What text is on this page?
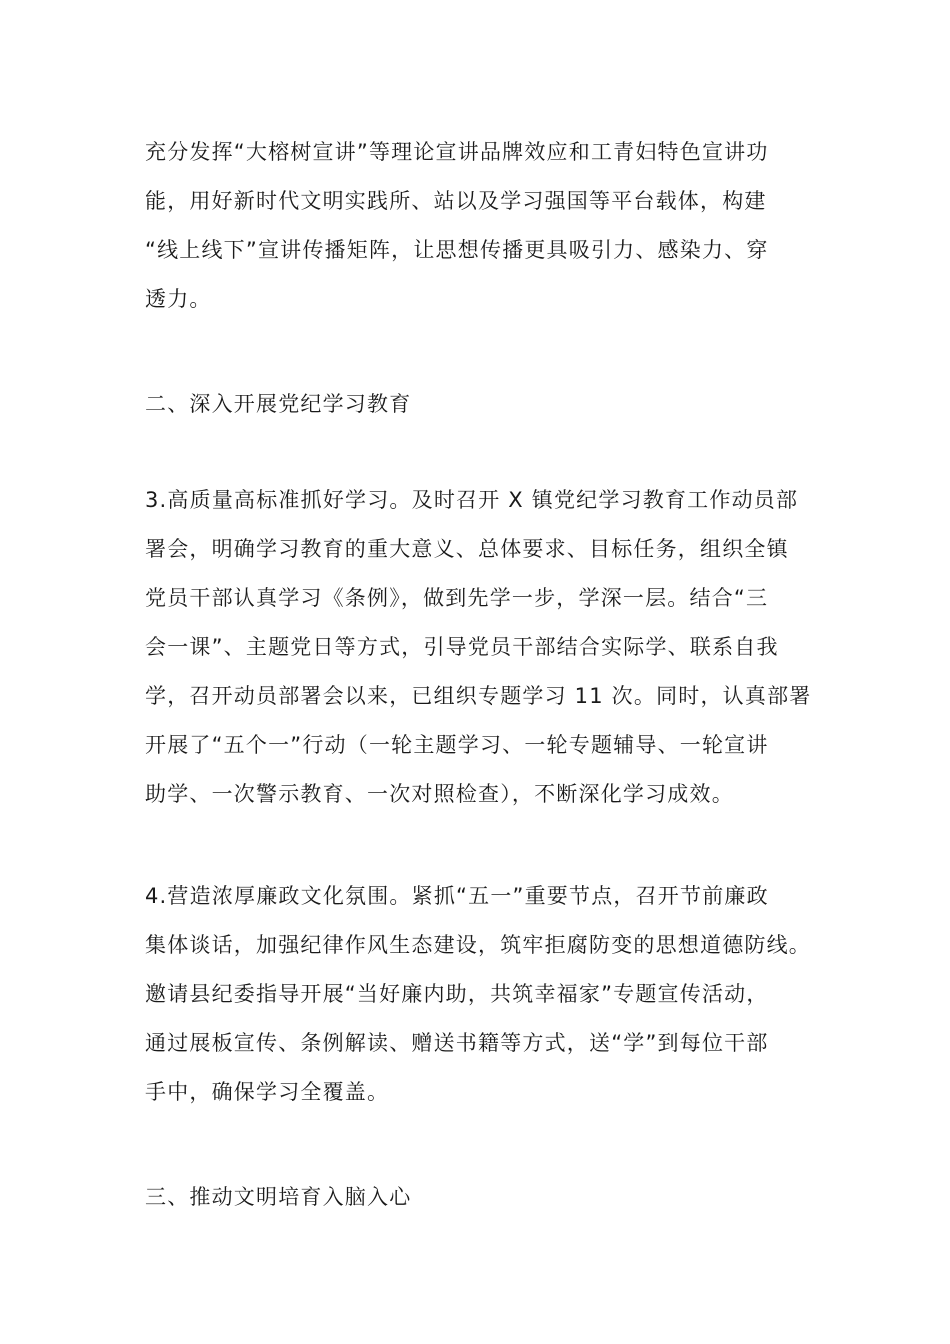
充分发挥“大榕树宣讲”等理论宣讲品牌效应和工青妇特色宣讲功
能，用好新时代文明实践所、站以及学习强国等平台载体，构建
“线上线下”宣讲传播矩阵，让思想传播更具吸引力、感染力、穿
透力。
二、深入开展党纪学习教育
3.高质量高标准抓好学习。及时召开 X 镇党纪学习教育工作动员部
署会，明确学习教育的重大意义、总体要求、目标任务，组织全镇
党员干部认真学习《条例》，做到先学一步，学深一层。结合“三
会一课”、主题党日等方式，引导党员干部结合实际学、联系自我
学，召开动员部署会以来，已组织专题学习 11 次。同时，认真部署
开展了“五个一”行动（一轮主题学习、一轮专题辅导、一轮宣讲
助学、一次警示教育、一次对照检查），不断深化学习成效。
4.营造浓厚廉政文化氛围。紧抓“五一”重要节点，召开节前廉政
集体谈话，加强纪律作风生态建设，筑牢拒腐防变的思想道德防线。
邀请县纪委指导开展“当好廉内助，共筑幸福家”专题宣传活动，
通过展板宣传、条例解读、赠送书籍等方式，送“学”到每位干部
手中，确保学习全覆盖。
三、推动文明培育入脑入心
